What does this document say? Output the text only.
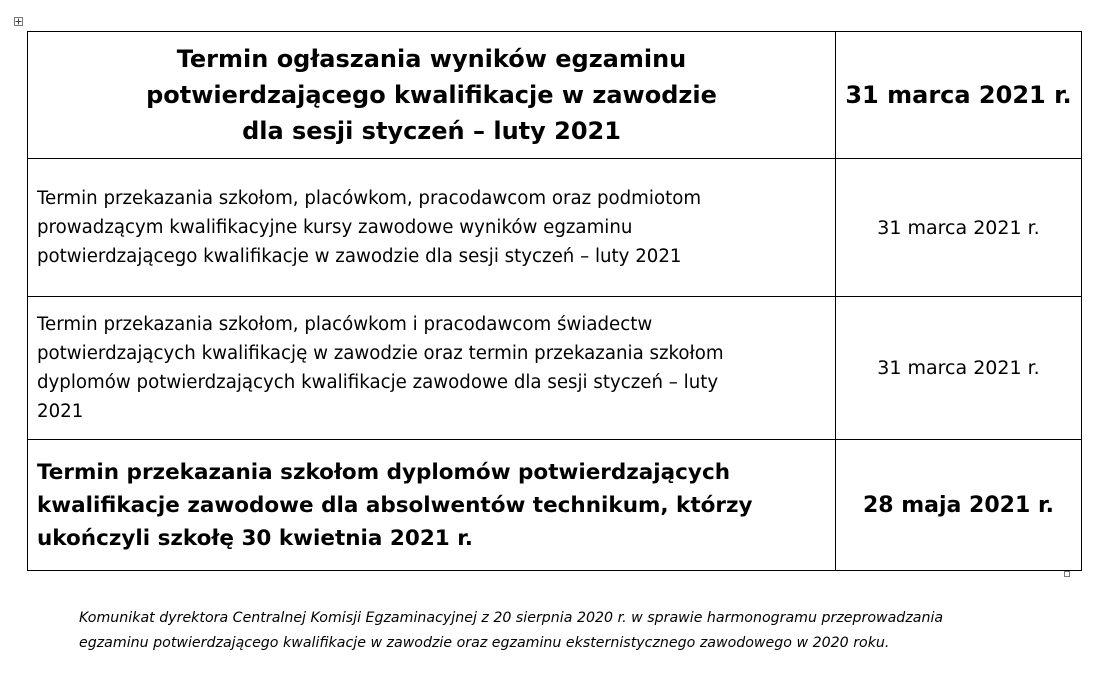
Termin ogłaszania wyników egzaminu
potwierdzającego kwalifikacje w zawodzie
dla sesji styczeń – luty 2021	31 marca 2021 r.

Termin przekazania szkołom, placówkom, pracodawcom oraz podmiotom
prowadzącym kwalifikacyjne kursy zawodowe wyników egzaminu
potwierdzającego kwalifikacje w zawodzie dla sesji styczeń – luty 2021	31 marca 2021 r.

Termin przekazania szkołom, placówkom i pracodawcom świadectw
potwierdzających kwalifikację w zawodzie oraz termin przekazania szkołom
dyplomów potwierdzających kwalifikacje zawodowe dla sesji styczeń – luty
2021	31 marca 2021 r.

Termin przekazania szkołom dyplomów potwierdzających
kwalifikacje zawodowe dla absolwentów technikum, którzy
ukończyli szkołę 30 kwietnia 2021 r.	28 maja 2021 r.
Komunikat dyrektora Centralnej Komisji Egzaminacyjnej z 20 sierpnia 2020 r. w sprawie harmonogramu przeprowadzania
egzaminu potwierdzającego kwalifikacje w zawodzie oraz egzaminu eksternistycznego zawodowego w 2020 roku.
